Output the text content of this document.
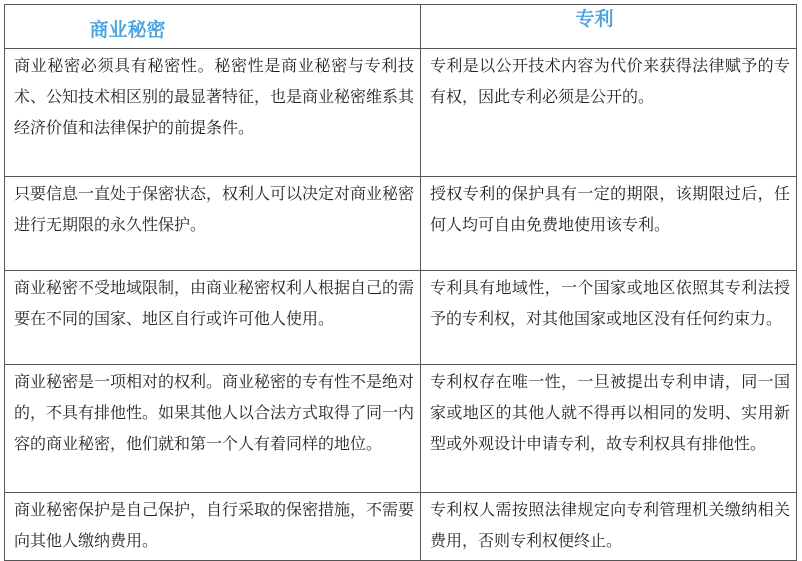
商业秘密	专利
商业秘密必须具有秘密性。秘密性是商业秘密与专利技术、公知技术相区别的最显著特征，也是商业秘密维系其经济价值和法律保护的前提条件。	专利是以公开技术内容为代价来获得法律赋予的专有权，因此专利必须是公开的。
只要信息一直处于保密状态，权利人可以决定对商业秘密进行无期限的永久性保护。	授权专利的保护具有一定的期限，该期限过后，任何人均可自由免费地使用该专利。
商业秘密不受地域限制，由商业秘密权利人根据自己的需要在不同的国家、地区自行或许可他人使用。	专利具有地域性，一个国家或地区依照其专利法授予的专利权，对其他国家或地区没有任何约束力。
商业秘密是一项相对的权利。商业秘密的专有性不是绝对的，不具有排他性。如果其他人以合法方式取得了同一内容的商业秘密，他们就和第一个人有着同样的地位。	专利权存在唯一性，一旦被提出专利申请，同一国家或地区的其他人就不得再以相同的发明、实用新型或外观设计申请专利，故专利权具有排他性。
商业秘密保护是自己保护，自行采取的保密措施，不需要向其他人缴纳费用。	专利权人需按照法律规定向专利管理机关缴纳相关费用，否则专利权便终止。
